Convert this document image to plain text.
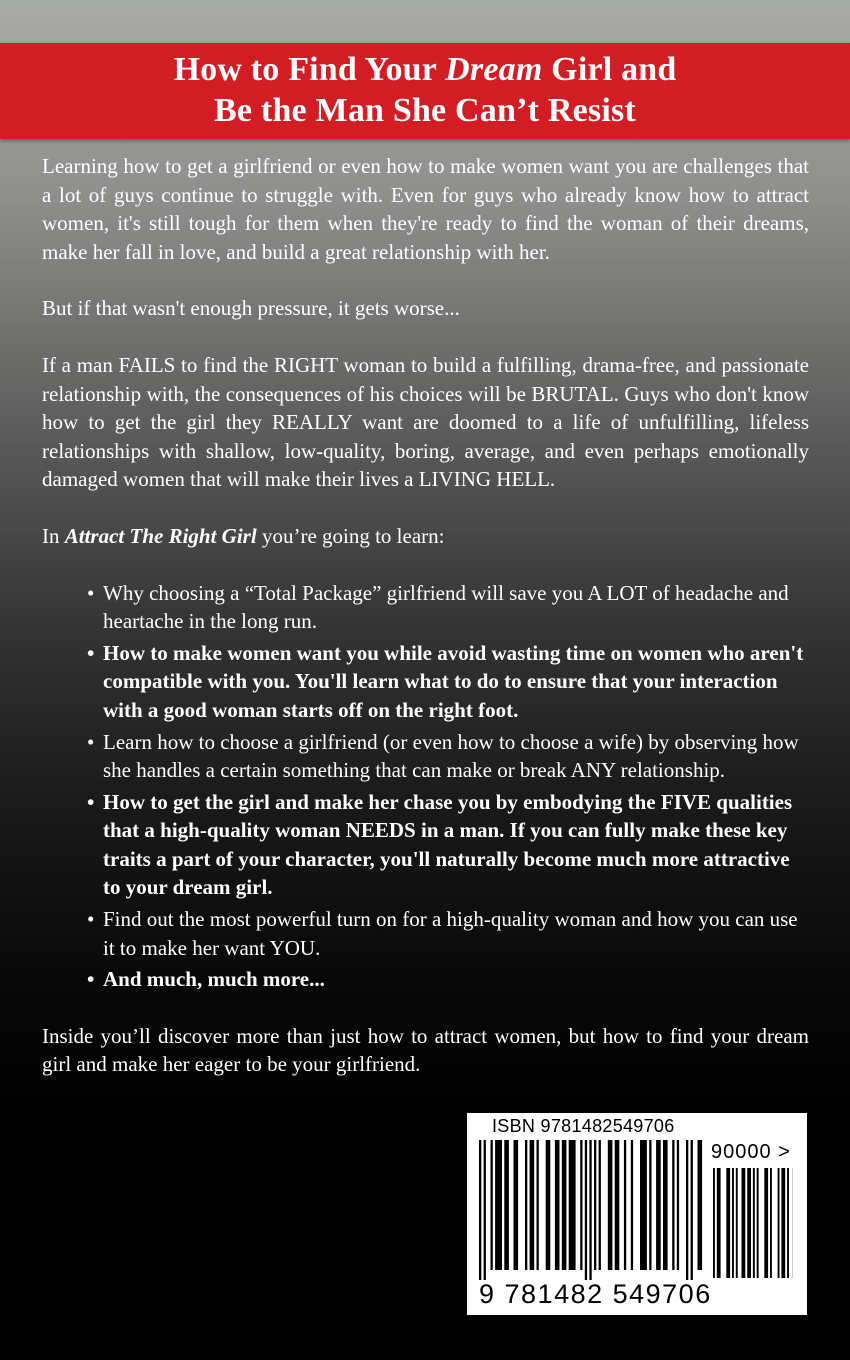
How to Find Your Dream Girl and
Be the Man She Can’t Resist

Learning how to get a girlfriend or even how to make women want you are challenges that a lot of guys continue to struggle with. Even for guys who already know how to attract women, it's still tough for them when they're ready to find the woman of their dreams, make her fall in love, and build a great relationship with her.

But if that wasn't enough pressure, it gets worse...

If a man FAILS to find the RIGHT woman to build a fulfilling, drama-free, and passionate relationship with, the consequences of his choices will be BRUTAL. Guys who don't know how to get the girl they REALLY want are doomed to a life of unfulfilling, lifeless relationships with shallow, low-quality, boring, average, and even perhaps emotionally damaged women that will make their lives a LIVING HELL.

In Attract The Right Girl you’re going to learn:

• Why choosing a “Total Package” girlfriend will save you A LOT of headache and heartache in the long run.
• How to make women want you while avoid wasting time on women who aren't compatible with you. You'll learn what to do to ensure that your interaction with a good woman starts off on the right foot.
• Learn how to choose a girlfriend (or even how to choose a wife) by observing how she handles a certain something that can make or break ANY relationship.
• How to get the girl and make her chase you by embodying the FIVE qualities that a high-quality woman NEEDS in a man. If you can fully make these key traits a part of your character, you'll naturally become much more attractive to your dream girl.
• Find out the most powerful turn on for a high-quality woman and how you can use it to make her want YOU.
• And much, much more...

Inside you’ll discover more than just how to attract women, but how to find your dream girl and make her eager to be your girlfriend.

ISBN 9781482549706
90000 >
9 781482 549706
